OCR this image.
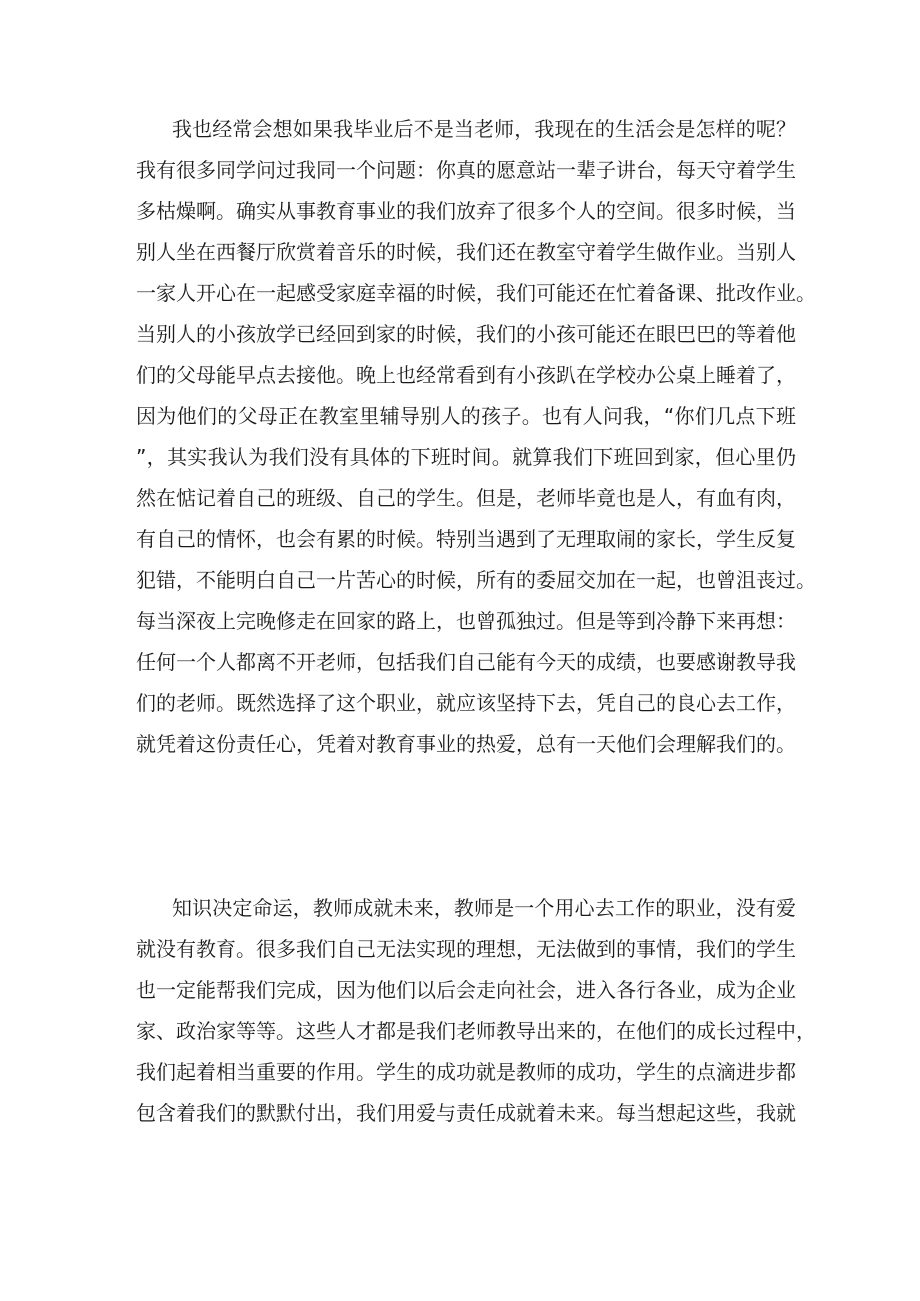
我也经常会想如果我毕业后不是当老师，我现在的生活会是怎样的呢？
我有很多同学问过我同一个问题：你真的愿意站一辈子讲台，每天守着学生
多枯燥啊。确实从事教育事业的我们放弃了很多个人的空间。很多时候，当
别人坐在西餐厅欣赏着音乐的时候，我们还在教室守着学生做作业。当别人
一家人开心在一起感受家庭幸福的时候，我们可能还在忙着备课、批改作业。
当别人的小孩放学已经回到家的时候，我们的小孩可能还在眼巴巴的等着他
们的父母能早点去接他。晚上也经常看到有小孩趴在学校办公桌上睡着了，
因为他们的父母正在教室里辅导别人的孩子。也有人问我，“你们几点下班
”，其实我认为我们没有具体的下班时间。就算我们下班回到家，但心里仍
然在惦记着自己的班级、自己的学生。但是，老师毕竟也是人，有血有肉，
有自己的情怀，也会有累的时候。特别当遇到了无理取闹的家长，学生反复
犯错，不能明白自己一片苦心的时候，所有的委屈交加在一起，也曾沮丧过。
每当深夜上完晚修走在回家的路上，也曾孤独过。但是等到冷静下来再想：
任何一个人都离不开老师，包括我们自己能有今天的成绩，也要感谢教导我
们的老师。既然选择了这个职业，就应该坚持下去，凭自己的良心去工作，
就凭着这份责任心，凭着对教育事业的热爱，总有一天他们会理解我们的。
知识决定命运，教师成就未来，教师是一个用心去工作的职业，没有爱
就没有教育。很多我们自己无法实现的理想，无法做到的事情，我们的学生
也一定能帮我们完成，因为他们以后会走向社会，进入各行各业，成为企业
家、政治家等等。这些人才都是我们老师教导出来的，在他们的成长过程中，
我们起着相当重要的作用。学生的成功就是教师的成功，学生的点滴进步都
包含着我们的默默付出，我们用爱与责任成就着未来。每当想起这些，我就
